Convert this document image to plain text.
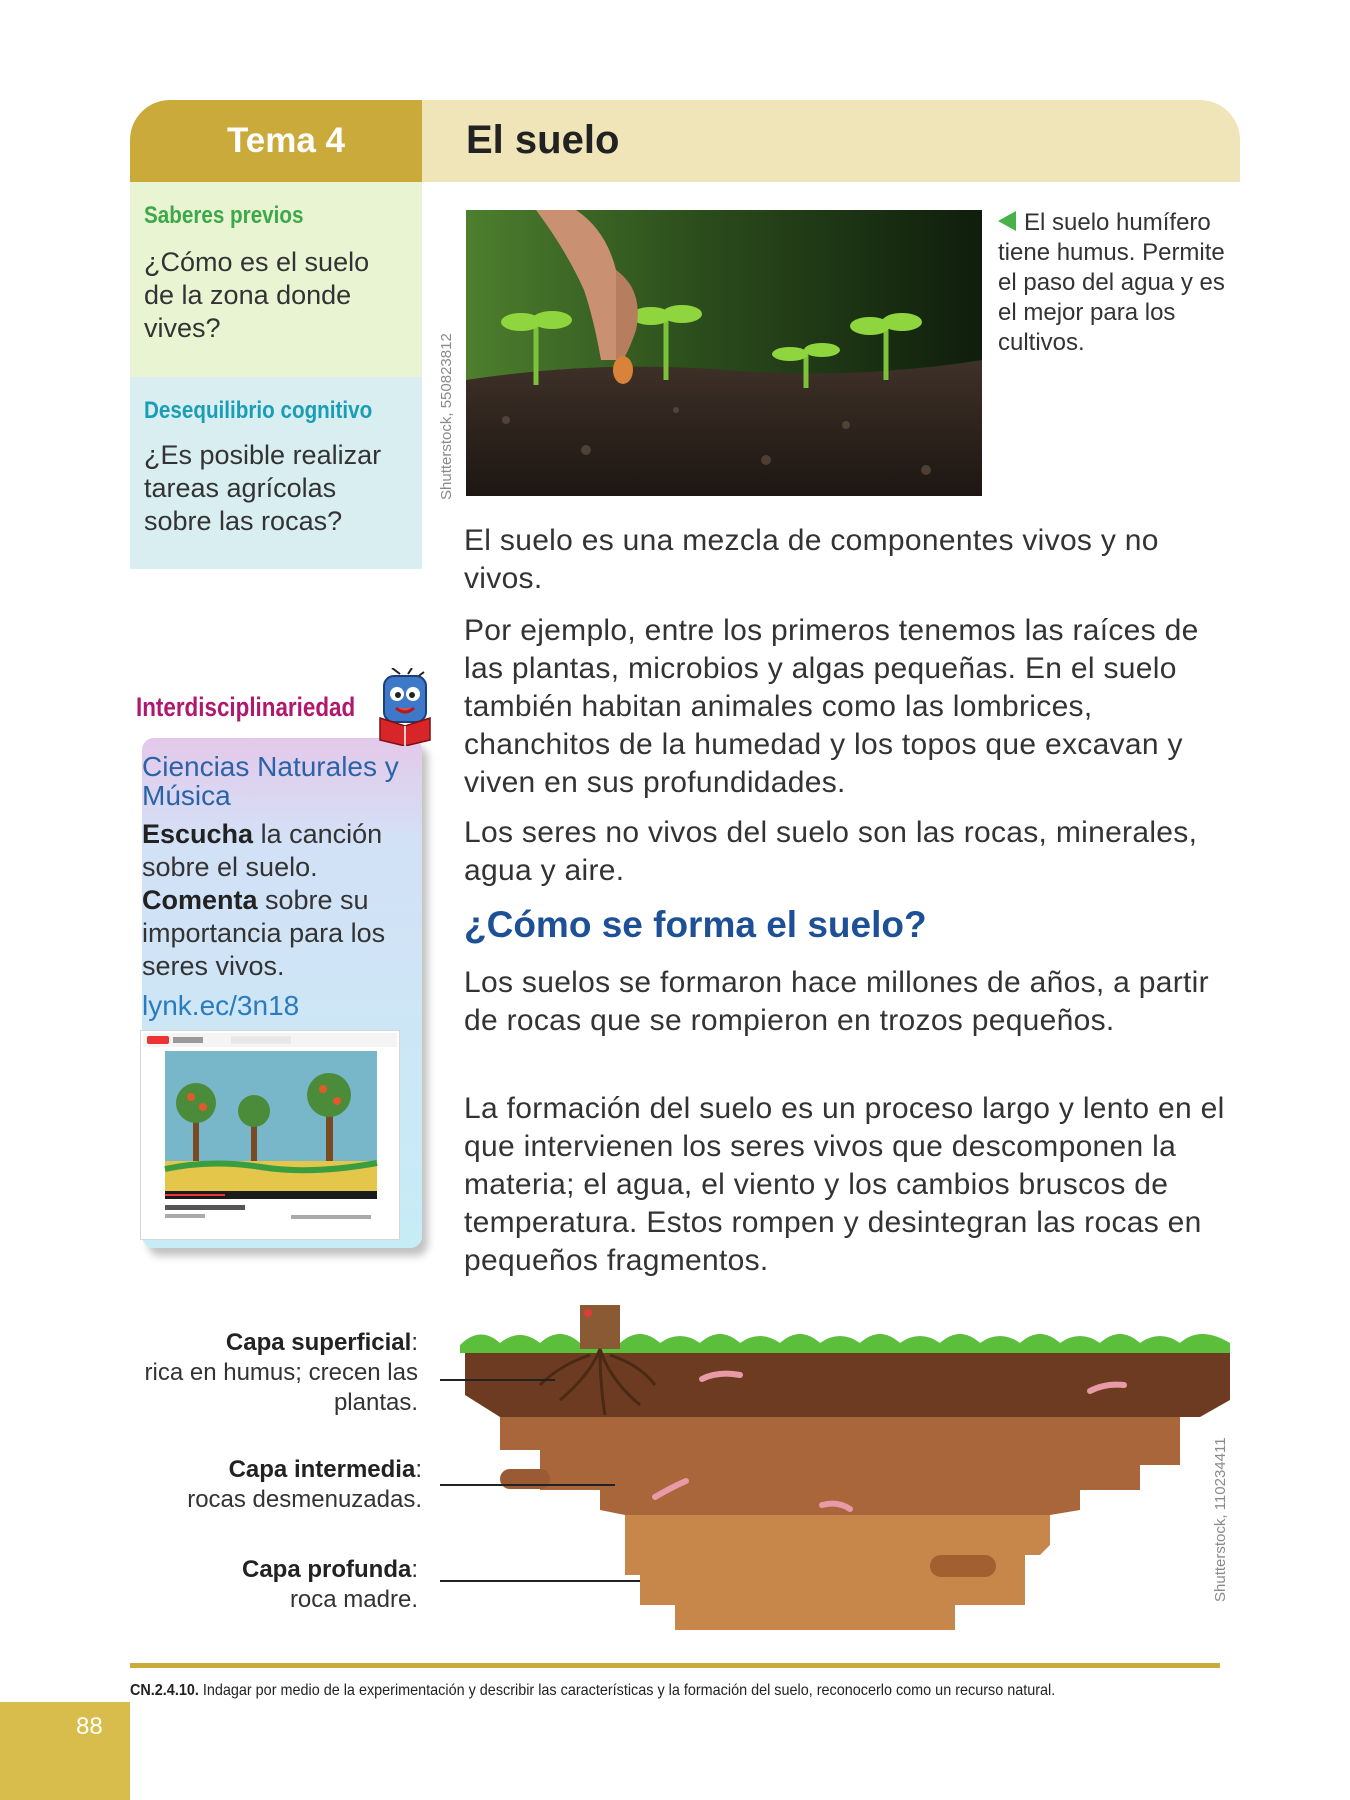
Tema 4	El suelo
Saberes previos
¿Cómo es el suelo de la zona donde vives?
Desequilibrio cognitivo
¿Es posible realizar tareas agrícolas sobre las rocas?
Interdisciplinariedad
Ciencias Naturales y Música
Escucha la canción sobre el suelo. Comenta sobre su importancia para los seres vivos.
lynk.ec/3n18
Shutterstock, 550823812
El suelo humífero tiene humus. Permite el paso del agua y es el mejor para los cultivos.
El suelo es una mezcla de componentes vivos y no vivos.
Por ejemplo, entre los primeros tenemos las raíces de las plantas, microbios y algas pequeñas. En el suelo también habitan animales como las lombrices, chanchitos de la humedad y los topos que excavan y viven en sus profundidades.
Los seres no vivos del suelo son las rocas, minerales, agua y aire.
¿Cómo se forma el suelo?
Los suelos se formaron hace millones de años, a partir de rocas que se rompieron en trozos pequeños.
La formación del suelo es un proceso largo y lento en el que intervienen los seres vivos que descomponen la materia; el agua, el viento y los cambios bruscos de temperatura. Estos rompen y desintegran las rocas en pequeños fragmentos.
Capa superficial:
rica en humus; crecen las plantas.
Capa intermedia:
rocas desmenuzadas.
Capa profunda:
roca madre.	Shutterstock, 110234411
CN.2.4.10. Indagar por medio de la experimentación y describir las características y la formación del suelo, reconocerlo como un recurso natural.
88
